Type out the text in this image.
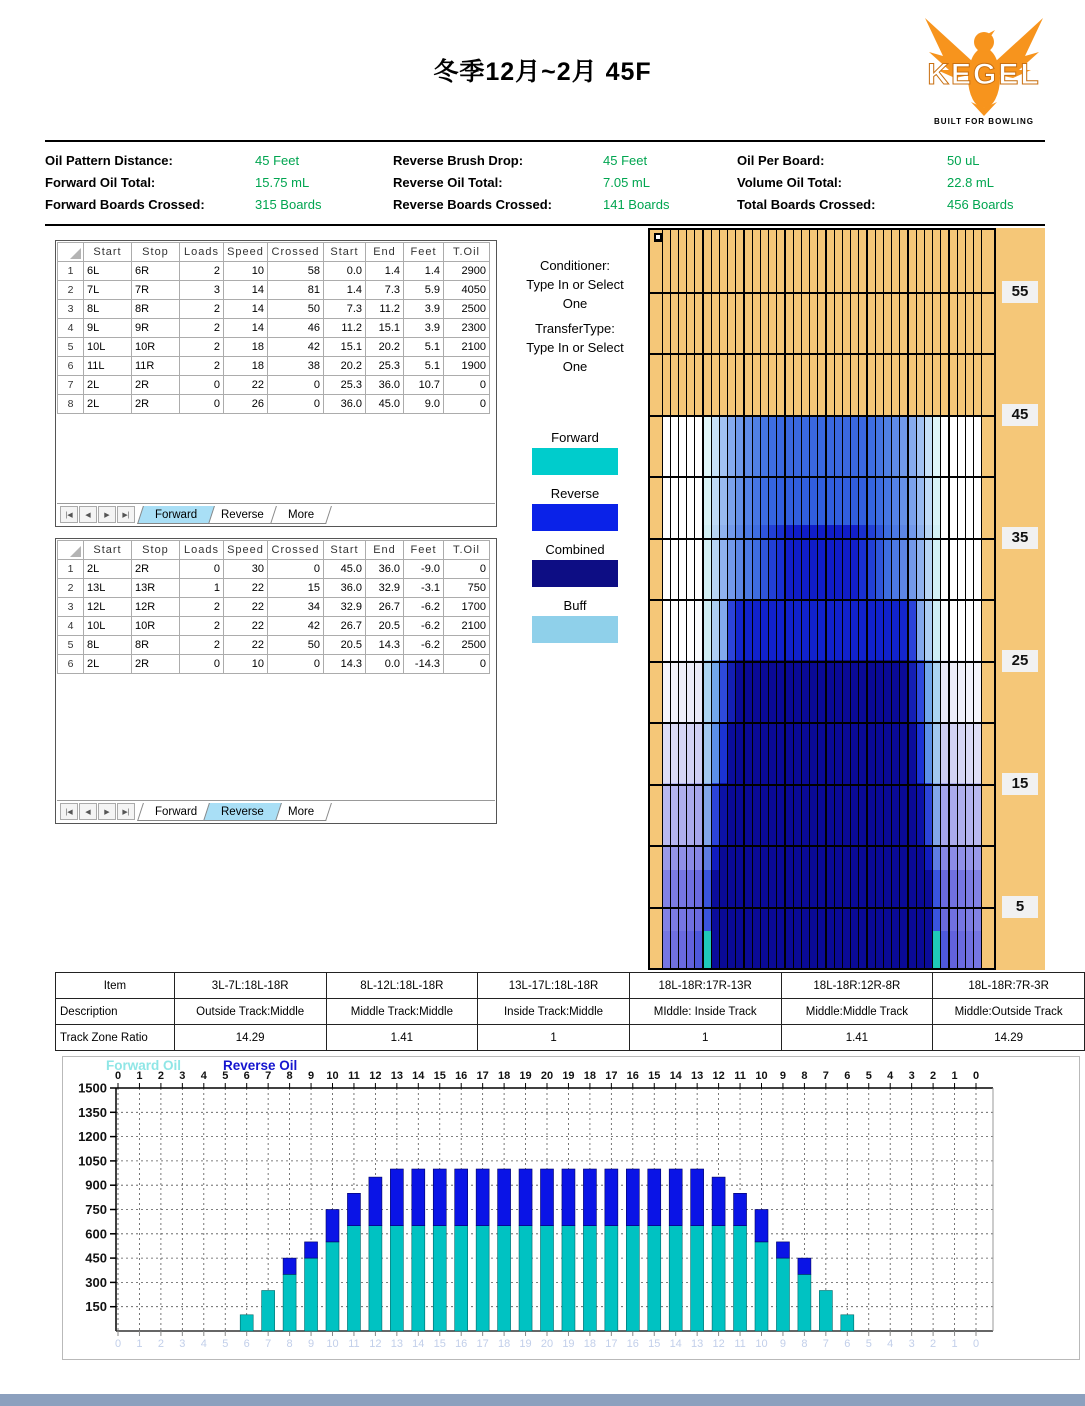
冬季12月~2月 45F	KEGEL
BUILT FOR BOWLING
Oil Pattern Distance:	45 Feet
Forward Oil Total:	15.75 mL
Forward Boards Crossed:	315 Boards
Reverse Brush Drop:	45 Feet
Reverse Oil Total:	7.05 mL
Reverse Boards Crossed:	141 Boards
Oil Per Board:	50 uL
Volume Oil Total:	22.8 mL
Total Boards Crossed:	456 Boards
	Start	Stop	Loads	Speed	Crossed	Start	End	Feet	T.Oil
1	6L	6R	2	10	58	0.0	1.4	1.4	2900
2	7L	7R	3	14	81	1.4	7.3	5.9	4050
3	8L	8R	2	14	50	7.3	11.2	3.9	2500
4	9L	9R	2	14	46	11.2	15.1	3.9	2300
5	10L	10R	2	18	42	15.1	20.2	5.1	2100
6	11L	11R	2	18	38	20.2	25.3	5.1	1900
7	2L	2R	0	22	0	25.3	36.0	10.7	0
8	2L	2R	0	26	0	36.0	45.0	9.0	0
|◀	◀	▶	▶|	Forward Reverse More
	Start	Stop	Loads	Speed	Crossed	Start	End	Feet	T.Oil
1	2L	2R	0	30	0	45.0	36.0	-9.0	0
2	13L	13R	1	22	15	36.0	32.9	-3.1	750
3	12L	12R	2	22	34	32.9	26.7	-6.2	1700
4	10L	10R	2	22	42	26.7	20.5	-6.2	2100
5	8L	8R	2	22	50	20.5	14.3	-6.2	2500
6	2L	2R	0	10	0	14.3	0.0	-14.3	0
|◀	◀	▶	▶|	Forward Reverse More
Conditioner:
Type In or Select
One
TransferType:
Type In or Select
One
Forward
Reverse
Combined
Buff
55
45
35
25
15
5
Item	3L-7L:18L-18R	8L-12L:18L-18R	13L-17L:18L-18R	18L-18R:17R-13R	18L-18R:12R-8R	18L-18R:7R-3R
Description	Outside Track:Middle	Middle Track:Middle	Inside Track:Middle	MIddle: Inside Track	Middle:Middle Track	Middle:Outside Track
Track Zone Ratio	14.29	1.41	1	1	1.41	14.29
Forward Oil	Reverse Oil
0
0
1
1
2
2
3
3
4
4
5
5
6
6
7
7
8
8
9
9
10
10
11
11
12
12
13
13
14
14
15
15
16
16
17
17
18
18
19
19
20
20
19
19
18
18
17
17
16
16
15
15
14
14
13
13
12
12
11
11
10
10
9
9
8
8
7
7
6
6
5
5
4
4
3
3
2
2
1
1
0
0
150
300
450
600
750
900
1050
1200
1350
1500
